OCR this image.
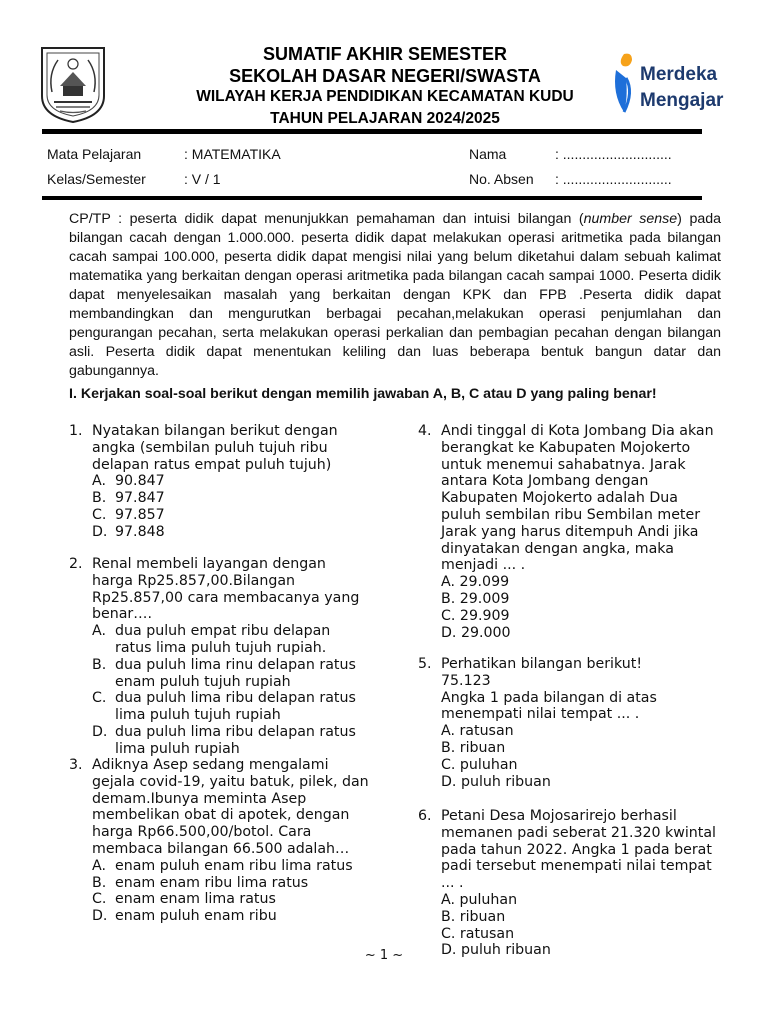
SUMATIF AKHIR SEMESTER
SEKOLAH DASAR NEGERI/SWASTA
WILAYAH KERJA PENDIDIKAN KECAMATAN KUDU
TAHUN PELAJARAN 2024/2025
Merdeka
Mengajar
Mata Pelajaran	: MATEMATIKA
Kelas/Semester	: V / 1
Nama	: ............................
No. Absen : ............................
CP/TP : peserta didik dapat menunjukkan pemahaman dan intuisi bilangan (number sense) pada bilangan cacah dengan 1.000.000. peserta didik dapat melakukan operasi aritmetika pada bilangan cacah sampai 100.000, peserta didik dapat mengisi nilai yang belum diketahui dalam sebuah kalimat matematika yang berkaitan dengan operasi aritmetika pada bilangan cacah sampai 1000. Peserta didik dapat menyelesaikan masalah yang berkaitan dengan KPK dan FPB .Peserta didik dapat membandingkan dan mengurutkan berbagai pecahan,melakukan operasi penjumlahan dan pengurangan pecahan, serta melakukan operasi perkalian dan pembagian pecahan dengan bilangan asli. Peserta didik dapat menentukan keliling dan luas beberapa bentuk bangun datar dan gabungannya.
I. Kerjakan soal-soal berikut dengan memilih jawaban A, B, C atau D yang paling benar!
1. Nyatakan bilangan berikut dengan angka (sembilan puluh tujuh ribu delapan ratus empat puluh tujuh)
A. 90.847
B. 97.847
C. 97.857
D. 97.848
2. Renal membeli layangan dengan harga Rp25.857,00.Bilangan Rp25.857,00 cara membacanya yang benar….
A. dua puluh empat ribu delapan ratus lima puluh tujuh rupiah.
B. dua puluh lima rinu delapan ratus enam puluh tujuh rupiah
C. dua puluh lima ribu delapan ratus lima puluh tujuh rupiah
D. dua puluh lima ribu delapan ratus lima puluh rupiah
3. Adiknya Asep sedang mengalami gejala covid-19, yaitu batuk, pilek, dan demam.Ibunya meminta Asep membelikan obat di apotek, dengan harga Rp66.500,00/botol. Cara membaca bilangan 66.500 adalah…
A. enam puluh enam ribu lima ratus
B. enam enam ribu lima ratus
C. enam enam lima ratus
D. enam puluh enam ribu
4. Andi tinggal di Kota Jombang Dia akan berangkat ke Kabupaten Mojokerto untuk menemui sahabatnya. Jarak antara Kota Jombang dengan Kabupaten Mojokerto adalah Dua puluh sembilan ribu Sembilan meter Jarak yang harus ditempuh Andi jika dinyatakan dengan angka, maka menjadi ... .
A. 29.099
B. 29.009
C. 29.909
D. 29.000
5. Perhatikan bilangan berikut!
75.123
Angka 1 pada bilangan di atas menempati nilai tempat ... .
A. ratusan
B. ribuan
C. puluhan
D. puluh ribuan
6. Petani Desa Mojosarirejo berhasil memanen padi seberat 21.320 kwintal pada tahun 2022. Angka 1 pada berat padi tersebut menempati nilai tempat ... .
A. puluhan
B. ribuan
C. ratusan
D. puluh ribuan
~ 1 ~
